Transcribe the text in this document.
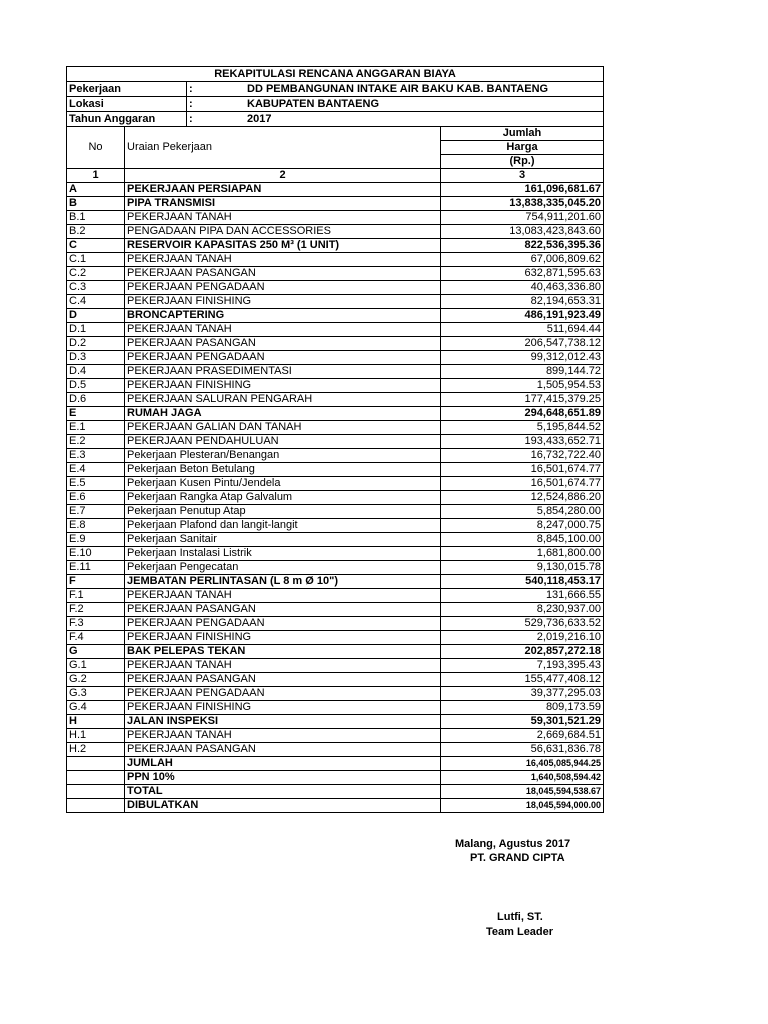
REKAPITULASI RENCANA ANGGARAN BIAYA			
Pekerjaan		: DD PEMBANGUNAN INTAKE AIR BAKU KAB. BANTAENG	
Lokasi		: KABUPATEN BANTAENG	
Tahun Anggaran		: 2017	
No	Uraian Pekerjaan		Jumlah
			Harga
			(Rp.)
1	2		3
A	PEKERJAAN PERSIAPAN		161,096,681.67
B	PIPA TRANSMISI		13,838,335,045.20
B.1	PEKERJAAN TANAH		754,911,201.60
B.2	PENGADAAN PIPA DAN ACCESSORIES		13,083,423,843.60
C	RESERVOIR KAPASITAS 250 M³ (1 UNIT)		822,536,395.36
C.1	PEKERJAAN TANAH		67,006,809.62
C.2	PEKERJAAN PASANGAN		632,871,595.63
C.3	PEKERJAAN PENGADAAN		40,463,336.80
C.4	PEKERJAAN FINISHING		82,194,653.31
D	BRONCAPTERING		486,191,923.49
D.1	PEKERJAAN TANAH		511,694.44
D.2	PEKERJAAN PASANGAN		206,547,738.12
D.3	PEKERJAAN PENGADAAN		99,312,012.43
D.4	PEKERJAAN PRASEDIMENTASI		899,144.72
D.5	PEKERJAAN FINISHING		1,505,954.53
D.6	PEKERJAAN SALURAN PENGARAH		177,415,379.25
E	RUMAH JAGA		294,648,651.89
E.1	PEKERJAAN GALIAN DAN TANAH		5,195,844.52
E.2	PEKERJAAN PENDAHULUAN		193,433,652.71
E.3	Pekerjaan Plesteran/Benangan		16,732,722.40
E.4	Pekerjaan Beton Betulang		16,501,674.77
E.5	Pekerjaan Kusen Pintu/Jendela		16,501,674.77
E.6	Pekerjaan Rangka Atap Galvalum		12,524,886.20
E.7	Pekerjaan Penutup Atap		5,854,280.00
E.8	Pekerjaan Plafond dan langit-langit		8,247,000.75
E.9	Pekerjaan Sanitair		8,845,100.00
E.10	Pekerjaan Instalasi Listrik		1,681,800.00
E.11	Pekerjaan Pengecatan		9,130,015.78
F	JEMBATAN PERLINTASAN (L 8 m Ø 10")		540,118,453.17
F.1	PEKERJAAN TANAH		131,666.55
F.2	PEKERJAAN PASANGAN		8,230,937.00
F.3	PEKERJAAN PENGADAAN		529,736,633.52
F.4	PEKERJAAN FINISHING		2,019,216.10
G	BAK PELEPAS TEKAN		202,857,272.18
G.1	PEKERJAAN TANAH		7,193,395.43
G.2	PEKERJAAN PASANGAN		155,477,408.12
G.3	PEKERJAAN PENGADAAN		39,377,295.03
G.4	PEKERJAAN FINISHING		809,173.59
H	JALAN INSPEKSI		59,301,521.29
H.1	PEKERJAAN TANAH		2,669,684.51
H.2	PEKERJAAN PASANGAN		56,631,836.78
	JUMLAH		16,405,085,944.25
	PPN 10%		1,640,508,594.42
	TOTAL		18,045,594,538.67
	DIBULATKAN		18,045,594,000.00
Malang, Agustus 2017
PT. GRAND CIPTA
Lutfi, ST.
Team Leader
